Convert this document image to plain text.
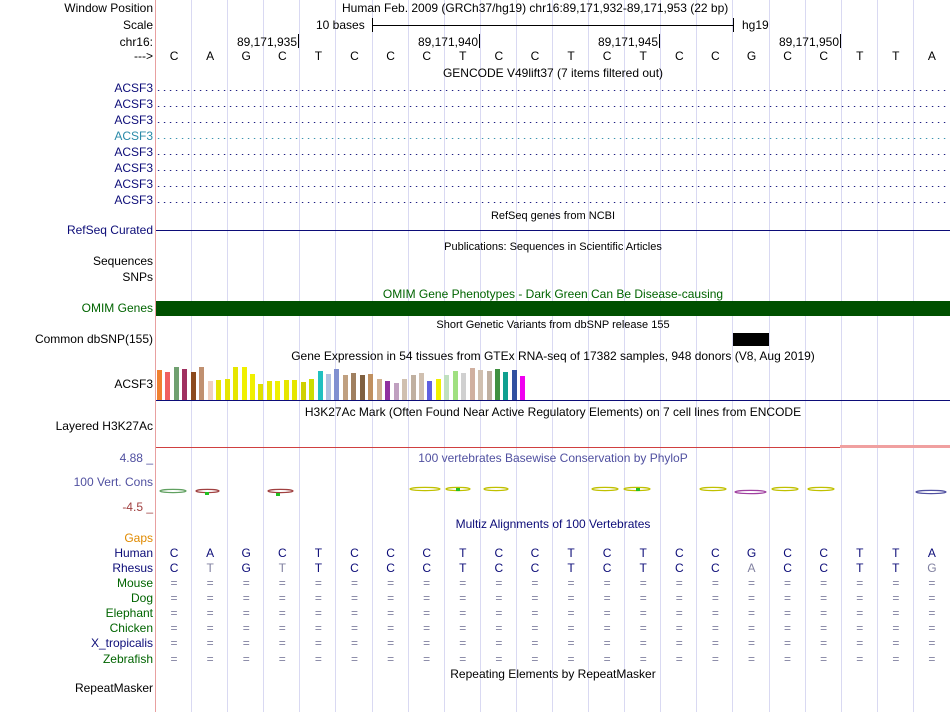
Window Position	Human Feb. 2009 (GRCh37/hg19) chr16:89,171,932-89,171,953 (22 bp)
Scale	10 bases	hg19
chr16:	89,171,935	89,171,940	89,171,945	89,171,950
--->	C	A	G	C	T	C	C	C	T	C	C	T	C	T	C	C	G	C	C	T	T	A
GENCODE V49lift37 (7 items filtered out)
ACSF3
ACSF3
ACSF3
ACSF3
ACSF3
ACSF3
ACSF3
ACSF3
RefSeq genes from NCBI
RefSeq Curated
Publications: Sequences in Scientific Articles
Sequences
SNPs
OMIM Gene Phenotypes - Dark Green Can Be Disease-causing
OMIM Genes
Short Genetic Variants from dbSNP release 155
Common dbSNP(155)
Gene Expression in 54 tissues from GTEx RNA-seq of 17382 samples, 948 donors (V8, Aug 2019)
ACSF3
H3K27Ac Mark (Often Found Near Active Regulatory Elements) on 7 cell lines from ENCODE
Layered H3K27Ac
100 vertebrates Basewise Conservation by PhyloP
4.88 _
100 Vert. Cons
-4.5 _
Multiz Alignments of 100 Vertebrates
Gaps
Human	C	A	G	C	T	C	C	C	T	C	C	T	C	T	C	C	G	C	C	T	T	A
Rhesus	C	T	G	T	T	C	C	C	T	C	C	T	C	T	C	C	A	C	C	T	T	G
Mouse	=	=	=	=	=	=	=	=	=	=	=	=	=	=	=	=	=	=	=	=	=	=
Dog	=	=	=	=	=	=	=	=	=	=	=	=	=	=	=	=	=	=	=	=	=	=
Elephant	=	=	=	=	=	=	=	=	=	=	=	=	=	=	=	=	=	=	=	=	=	=
Chicken	=	=	=	=	=	=	=	=	=	=	=	=	=	=	=	=	=	=	=	=	=	=
X_tropicalis	=	=	=	=	=	=	=	=	=	=	=	=	=	=	=	=	=	=	=	=	=	=
Zebrafish	=	=	=	=	=	=	=	=	=	=	=	=	=	=	=	=	=	=	=	=	=	=
Repeating Elements by RepeatMasker
RepeatMasker
